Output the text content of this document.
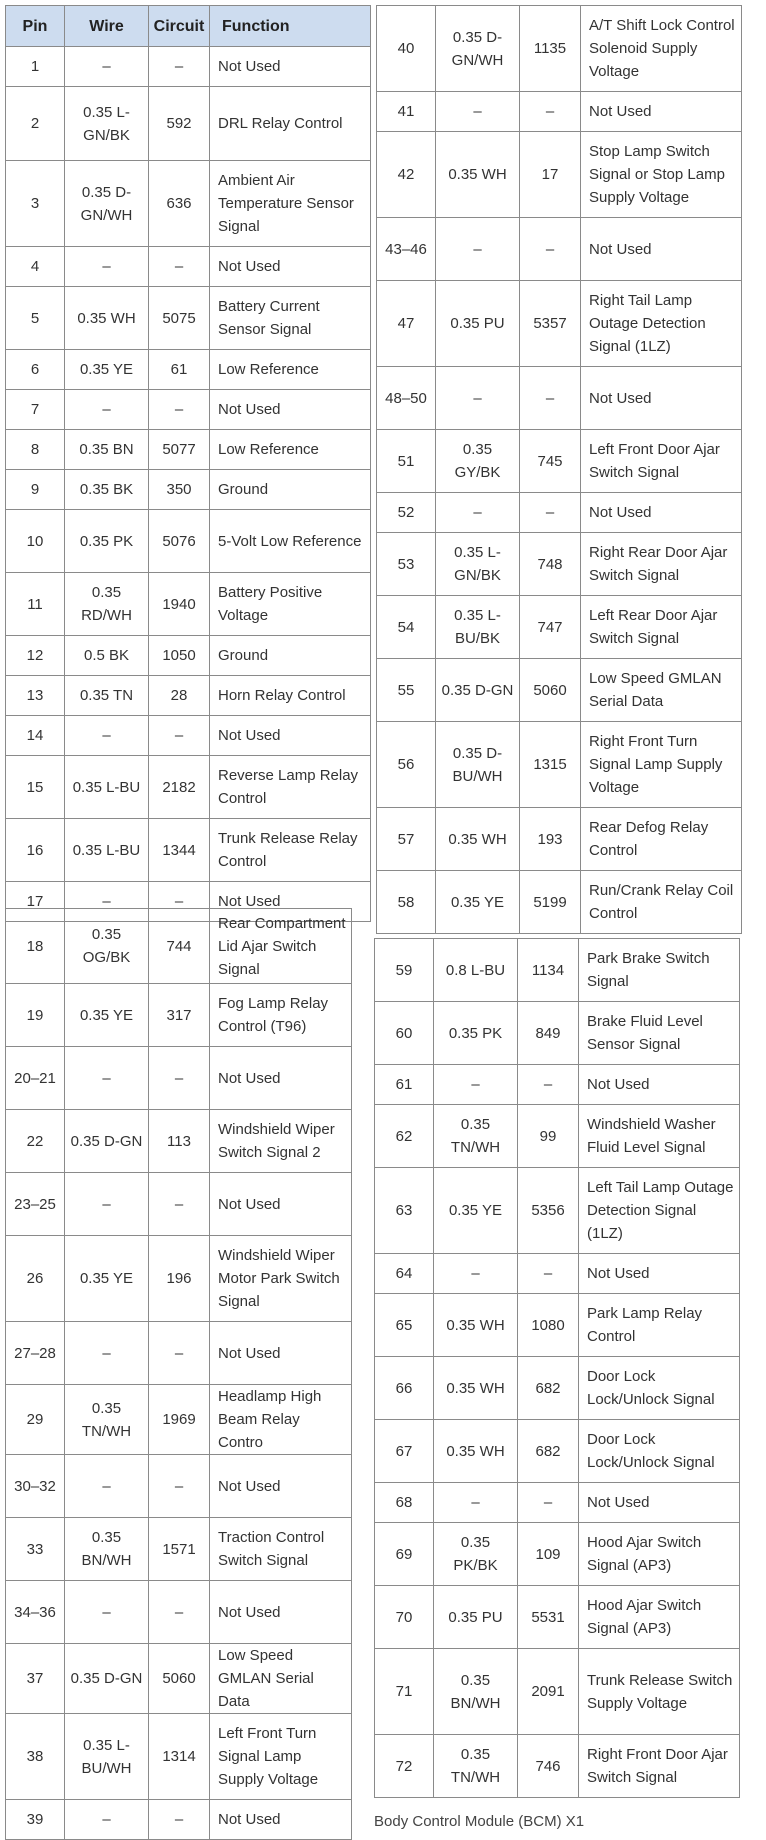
Pin	Wire	Circuit	Function
1	–	–	Not Used
2	0.35 L-GN/BK	592	DRL Relay Control
3	0.35 D-GN/WH	636	Ambient Air Temperature Sensor Signal
4	–	–	Not Used
5	0.35 WH	5075	Battery Current Sensor Signal
6	0.35 YE	61	Low Reference
7	–	–	Not Used
8	0.35 BN	5077	Low Reference
9	0.35 BK	350	Ground
10	0.35 PK	5076	5-Volt Low Reference
11	0.35 RD/WH	1940	Battery Positive Voltage
12	0.5 BK	1050	Ground
13	0.35 TN	28	Horn Relay Control
14	–	–	Not Used
15	0.35 L-BU	2182	Reverse Lamp Relay Control
16	0.35 L-BU	1344	Trunk Release Relay Control
17	–	–	Not Used
40	0.35 D-GN/WH	1135	A/T Shift Lock Control Solenoid Supply Voltage
41	–	–	Not Used
42	0.35 WH	17	Stop Lamp Switch Signal or Stop Lamp Supply Voltage
43–46	–	–	Not Used
47	0.35 PU	5357	Right Tail Lamp Outage Detection Signal (1LZ)
48–50	–	–	Not Used
51	0.35 GY/BK	745	Left Front Door Ajar Switch Signal
52	–	–	Not Used
53	0.35 L-GN/BK	748	Right Rear Door Ajar Switch Signal
54	0.35 L-BU/BK	747	Left Rear Door Ajar Switch Signal
55	0.35 D-GN	5060	Low Speed GMLAN Serial Data
56	0.35 D-BU/WH	1315	Right Front Turn Signal Lamp Supply Voltage
57	0.35 WH	193	Rear Defog Relay Control
58	0.35 YE	5199	Run/Crank Relay Coil Control
18	0.35 OG/BK	744	Rear Compartment Lid Ajar Switch Signal
19	0.35 YE	317	Fog Lamp Relay Control (T96)
20–21	–	–	Not Used
22	0.35 D-GN	113	Windshield Wiper Switch Signal 2
23–25	–	–	Not Used
26	0.35 YE	196	Windshield Wiper Motor Park Switch Signal
27–28	–	–	Not Used
29	0.35 TN/WH	1969	Headlamp High Beam Relay Contro
30–32	–	–	Not Used
33	0.35 BN/WH	1571	Traction Control Switch Signal
34–36	–	–	Not Used
37	0.35 D-GN	5060	Low Speed GMLAN Serial Data
38	0.35 L-BU/WH	1314	Left Front Turn Signal Lamp Supply Voltage
39	–	–	Not Used
59	0.8 L-BU	1134	Park Brake Switch Signal
60	0.35 PK	849	Brake Fluid Level Sensor Signal
61	–	–	Not Used
62	0.35 TN/WH	99	Windshield Washer Fluid Level Signal
63	0.35 YE	5356	Left Tail Lamp Outage Detection Signal (1LZ)
64	–	–	Not Used
65	0.35 WH	1080	Park Lamp Relay Control
66	0.35 WH	682	Door Lock Lock/Unlock Signal
67	0.35 WH	682	Door Lock Lock/Unlock Signal
68	–	–	Not Used
69	0.35 PK/BK	109	Hood Ajar Switch Signal (AP3)
70	0.35 PU	5531	Hood Ajar Switch Signal (AP3)
71	0.35 BN/WH	2091	Trunk Release Switch Supply Voltage
72	0.35 TN/WH	746	Right Front Door Ajar Switch Signal
Body Control Module (BCM) X1
